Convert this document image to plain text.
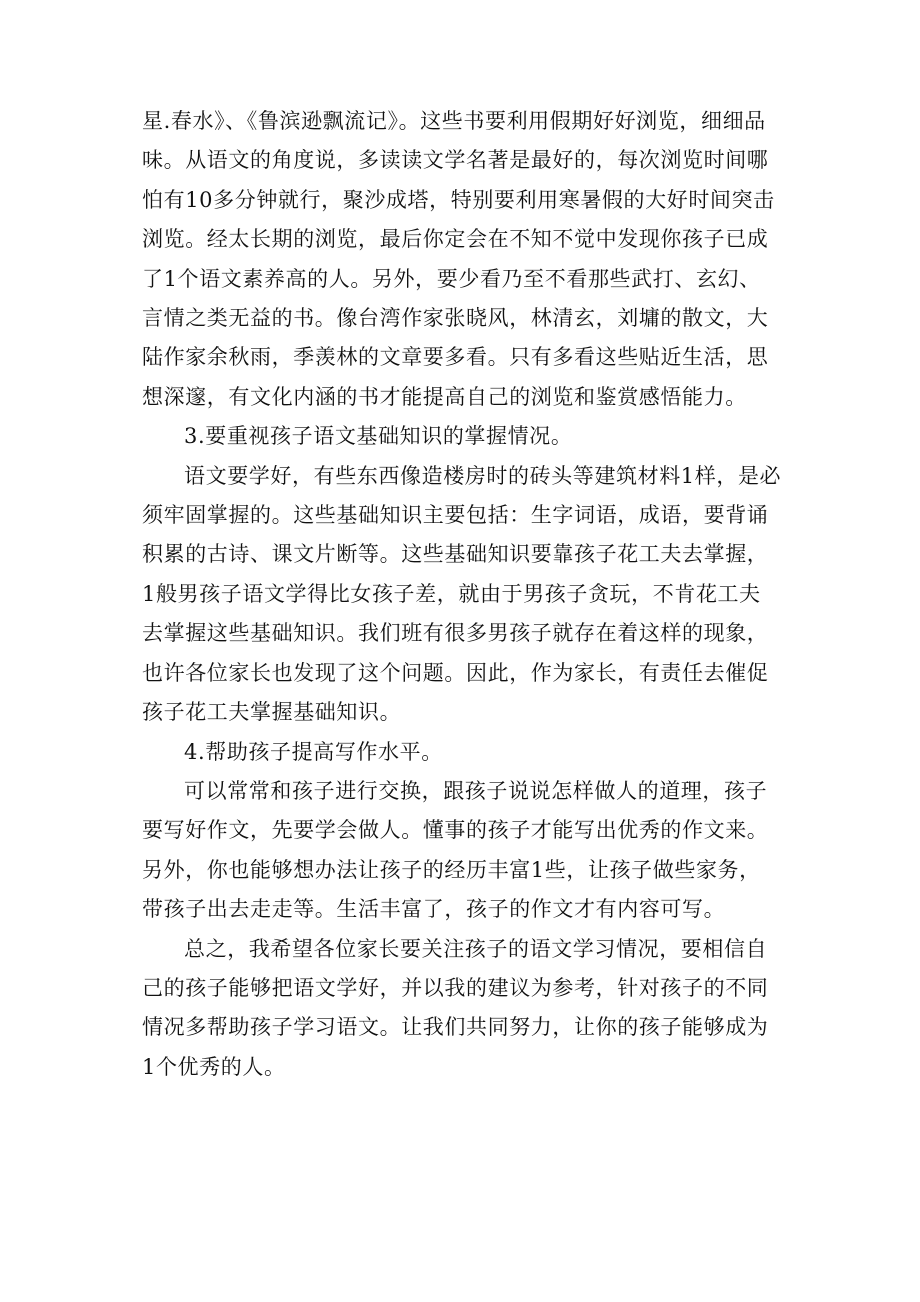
星.春水》、《鲁滨逊飘流记》。这些书要利用假期好好浏览，细细品味。从语文的角度说，多读读文学名著是最好的，每次浏览时间哪怕有10多分钟就行，聚沙成塔，特别要利用寒暑假的大好时间突击浏览。经太长期的浏览，最后你定会在不知不觉中发现你孩子已成了1个语文素养高的人。另外，要少看乃至不看那些武打、玄幻、言情之类无益的书。像台湾作家张晓风，林清玄，刘墉的散文，大陆作家余秋雨，季羡林的文章要多看。只有多看这些贴近生活，思想深邃，有文化内涵的书才能提高自己的浏览和鉴赏感悟能力。

3.要重视孩子语文基础知识的掌握情况。

语文要学好，有些东西像造楼房时的砖头等建筑材料1样，是必须牢固掌握的。这些基础知识主要包括：生字词语，成语，要背诵积累的古诗、课文片断等。这些基础知识要靠孩子花工夫去掌握，1般男孩子语文学得比女孩子差，就由于男孩子贪玩，不肯花工夫去掌握这些基础知识。我们班有很多男孩子就存在着这样的现象，也许各位家长也发现了这个问题。因此，作为家长，有责任去催促孩子花工夫掌握基础知识。

4.帮助孩子提高写作水平。

可以常常和孩子进行交换，跟孩子说说怎样做人的道理，孩子要写好作文，先要学会做人。懂事的孩子才能写出优秀的作文来。另外，你也能够想办法让孩子的经历丰富1些，让孩子做些家务，带孩子出去走走等。生活丰富了，孩子的作文才有内容可写。

总之，我希望各位家长要关注孩子的语文学习情况，要相信自己的孩子能够把语文学好，并以我的建议为参考，针对孩子的不同情况多帮助孩子学习语文。让我们共同努力，让你的孩子能够成为1个优秀的人。
